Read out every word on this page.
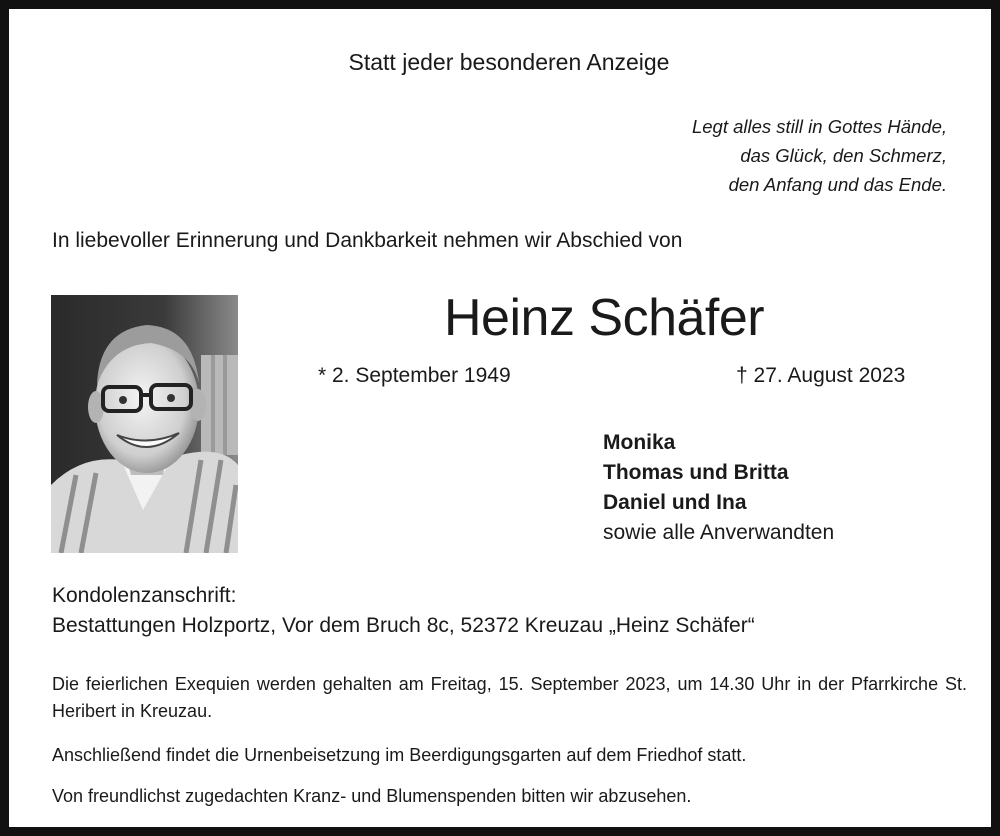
Statt jeder besonderen Anzeige

Legt alles still in Gottes Hände,
das Glück, den Schmerz,
den Anfang und das Ende.

In liebevoller Erinnerung und Dankbarkeit nehmen wir Abschied von

Heinz Schäfer

* 2. September 1949	† 27. August 2023

Monika
Thomas und Britta
Daniel und Ina
sowie alle Anverwandten
Kondolenzanschrift:
Bestattungen Holzportz, Vor dem Bruch 8c, 52372 Kreuzau „Heinz Schäfer“

Die feierlichen Exequien werden gehalten am Freitag, 15. September 2023, um 14.30 Uhr in der Pfarrkirche St. Heribert in Kreuzau.

Anschließend findet die Urnenbeisetzung im Beerdigungsgarten auf dem Friedhof statt.

Von freundlichst zugedachten Kranz- und Blumenspenden bitten wir abzusehen.
